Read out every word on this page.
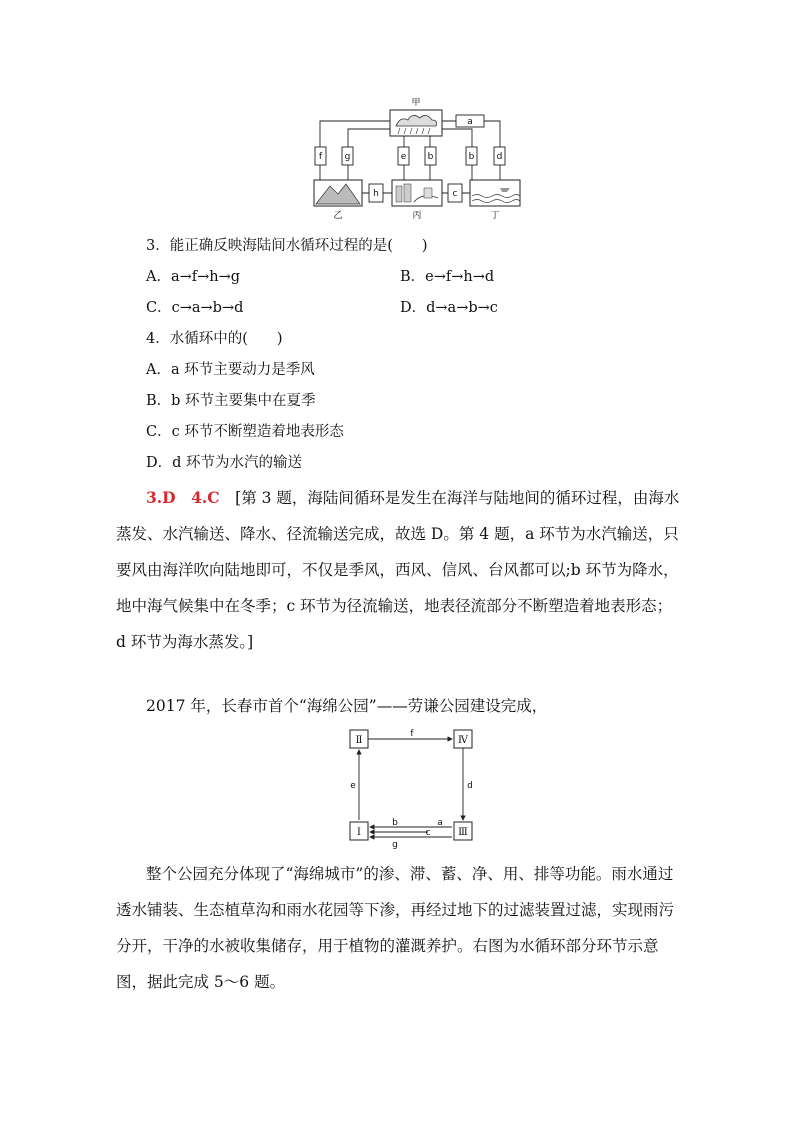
甲
乙	丙	丁
a
f	g	e b	b d
h	c
3．能正确反映海陆间水循环过程的是(　　)
A．a→f→h→g	B．e→f→h→d
C．c→a→b→d	D．d→a→b→c
4．水循环中的(　　)
A．a 环节主要动力是季风
B．b 环节主要集中在夏季
C．c 环节不断塑造着地表形态
D．d 环节为水汽的输送
3.D　4.C　 [第 3 题，海陆间循环是发生在海洋与陆地间的循环过程，由海水蒸发、水汽输送、降水、径流输送完成，故选 D。第 4 题，a 环节为水汽输送，只要风由海洋吹向陆地即可，不仅是季风，西风、信风、台风都可以;b 环节为降水，地中海气候集中在冬季；c 环节为径流输送，地表径流部分不断塑造着地表形态；d 环节为海水蒸发。]
2017 年，长春市首个“海绵公园”——劳谦公园建设完成，
Ⅱ	Ⅳ
Ⅰ	Ⅲ
f
e	d
a
b
c
g
整个公园充分体现了“海绵城市”的渗、滞、蓄、净、用、排等功能。雨水通过透水铺装、生态植草沟和雨水花园等下渗，再经过地下的过滤装置过滤，实现雨污分开，干净的水被收集储存，用于植物的灌溉养护。右图为水循环部分环节示意图，据此完成 5～6 题。
